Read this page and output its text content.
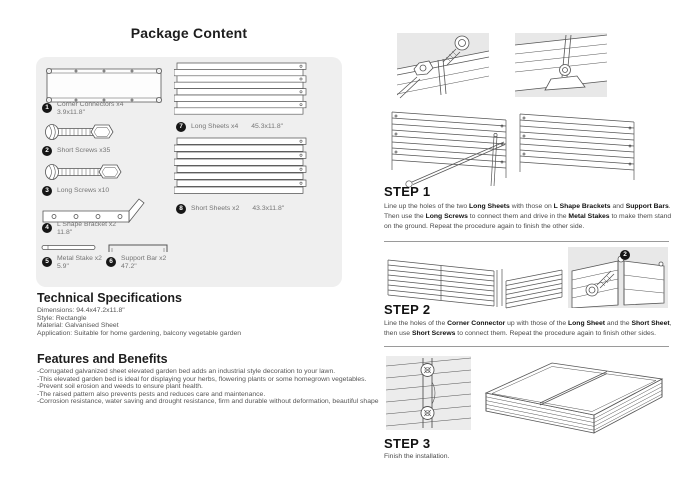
Package Content
1	Corner Connectors x4
3.9x11.8"
2	Short Screws x35
3	Long Screws x10
4	L Shape Bracket x2
11.8"
5	Metal Stake x2
5.9"
6	Support Bar x2
47.2"
7	Long Sheets x4 45.3x11.8"
8	Short Sheets x2 43.3x11.8"
Technical Specifications
Dimensions: 94.4x47.2x11.8"
Style: Rectangle
Material: Galvanised Sheet
Application: Suitable for home gardening, balcony vegetable garden
Features and Benefits
-Corrugated galvanized sheet elevated garden bed adds an industrial style decoration to your lawn.
-This elevated garden bed is ideal for displaying your herbs, flowering plants or some homegrown vegetables.
-Prevent soil erosion and weeds to ensure plant health.
-The raised pattern also prevents pests and reduces care and maintenance.
-Corrosion resistance, water saving and drought resistance, firm and durable without deformation, beautiful shape
STEP 1
Line up the holes of the two Long Sheets with those on L Shape Brackets and Support Bars. Then use the Long Screws to connect them and drive in the Metal Stakes to make them stand on the ground. Repeat the procedure again to finish the other side.
2
STEP 2
Line the holes of the Corner Connector up with those of the Long Sheet and the Short Sheet, then use Short Screws to connect them. Repeat the procedure again to finish other sides.
STEP 3
Finish the installation.
